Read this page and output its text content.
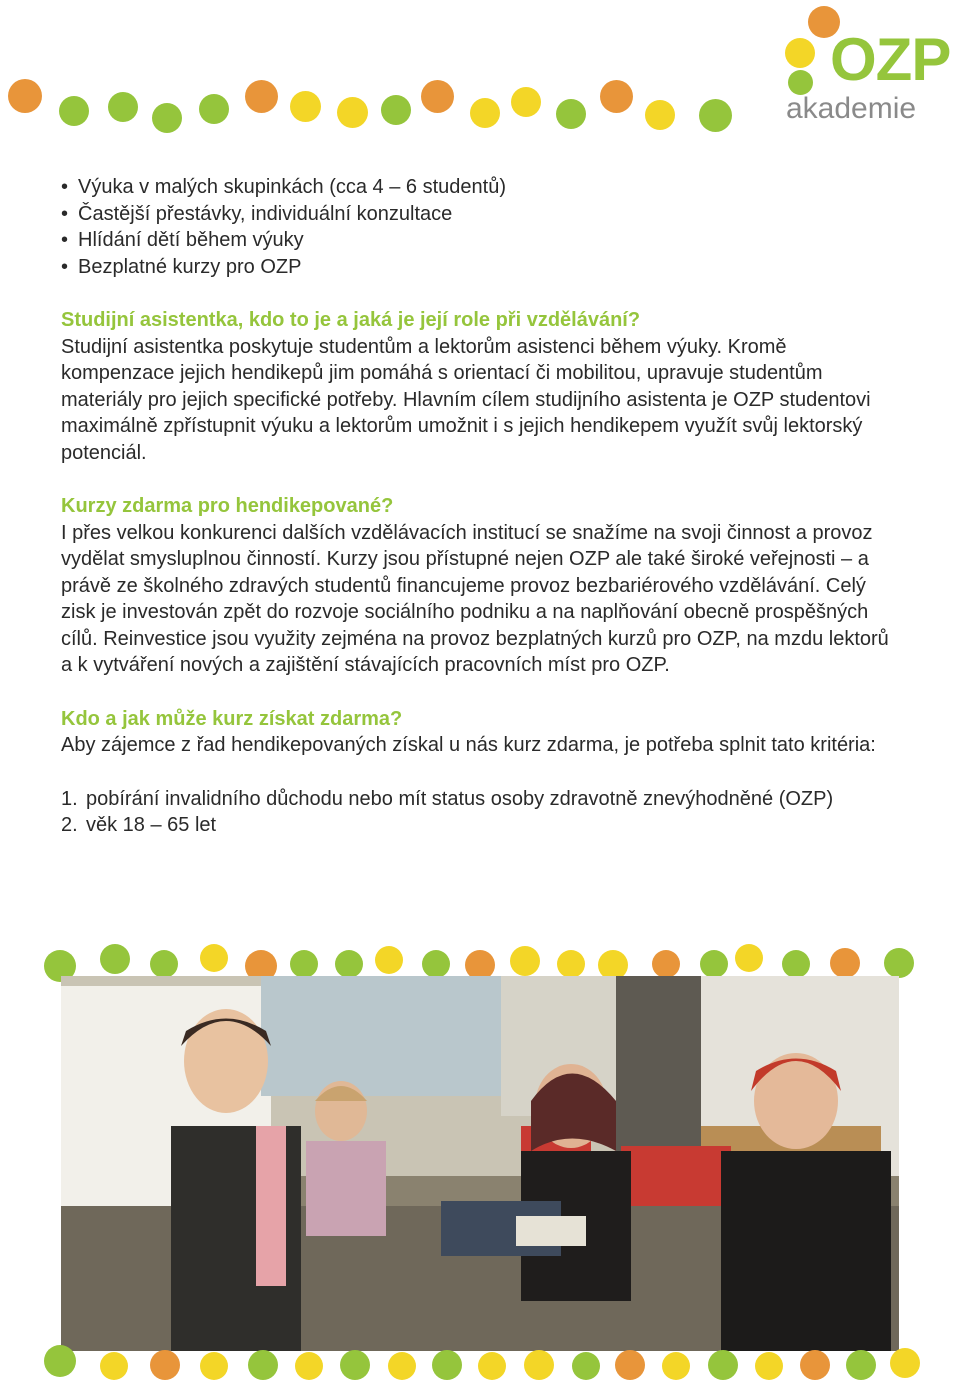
OZP
akademie
• Výuka v malých skupinkách (cca 4 – 6 studentů)
• Častější přestávky, individuální konzultace
• Hlídání dětí během výuky
• Bezplatné kurzy pro OZP
Studijní asistentka, kdo to je a jaká je její role při vzdělávání?

Studijní asistentka poskytuje studentům a lektorům asistenci během výuky. Kromě kompenzace jejich hendikepů jim pomáhá s orientací či mobilitou, upravuje studentům materiály pro jejich specifické potřeby. Hlavním cílem studijního asistenta je OZP studentovi maximálně zpřístupnit výuku a lektorům umožnit i s jejich hendikepem využít svůj lektorský potenciál.

Kurzy zdarma pro hendikepované?

I přes velkou konkurenci dalších vzdělávacích institucí se snažíme na svoji činnost a provoz vydělat smysluplnou činností. Kurzy jsou přístupné nejen OZP ale také široké veřejnosti – a právě ze školného zdravých studentů financujeme provoz bezbariérového vzdělávání. Celý zisk je investován zpět do rozvoje sociálního podniku a na naplňování obecně prospěšných cílů. Reinvestice jsou využity zejména na provoz bezplatných kurzů pro OZP, na mzdu lektorů a k vytváření nových a zajištění stávajících pracovních míst pro OZP.

Kdo a jak může kurz získat zdarma?

Aby zájemce z řad hendikepovaných získal u nás kurz zdarma, je potřeba splnit tato kritéria:

1. pobírání invalidního důchodu nebo mít status osoby zdravotně znevýhodněné (OZP)
2. věk 18 – 65 let
